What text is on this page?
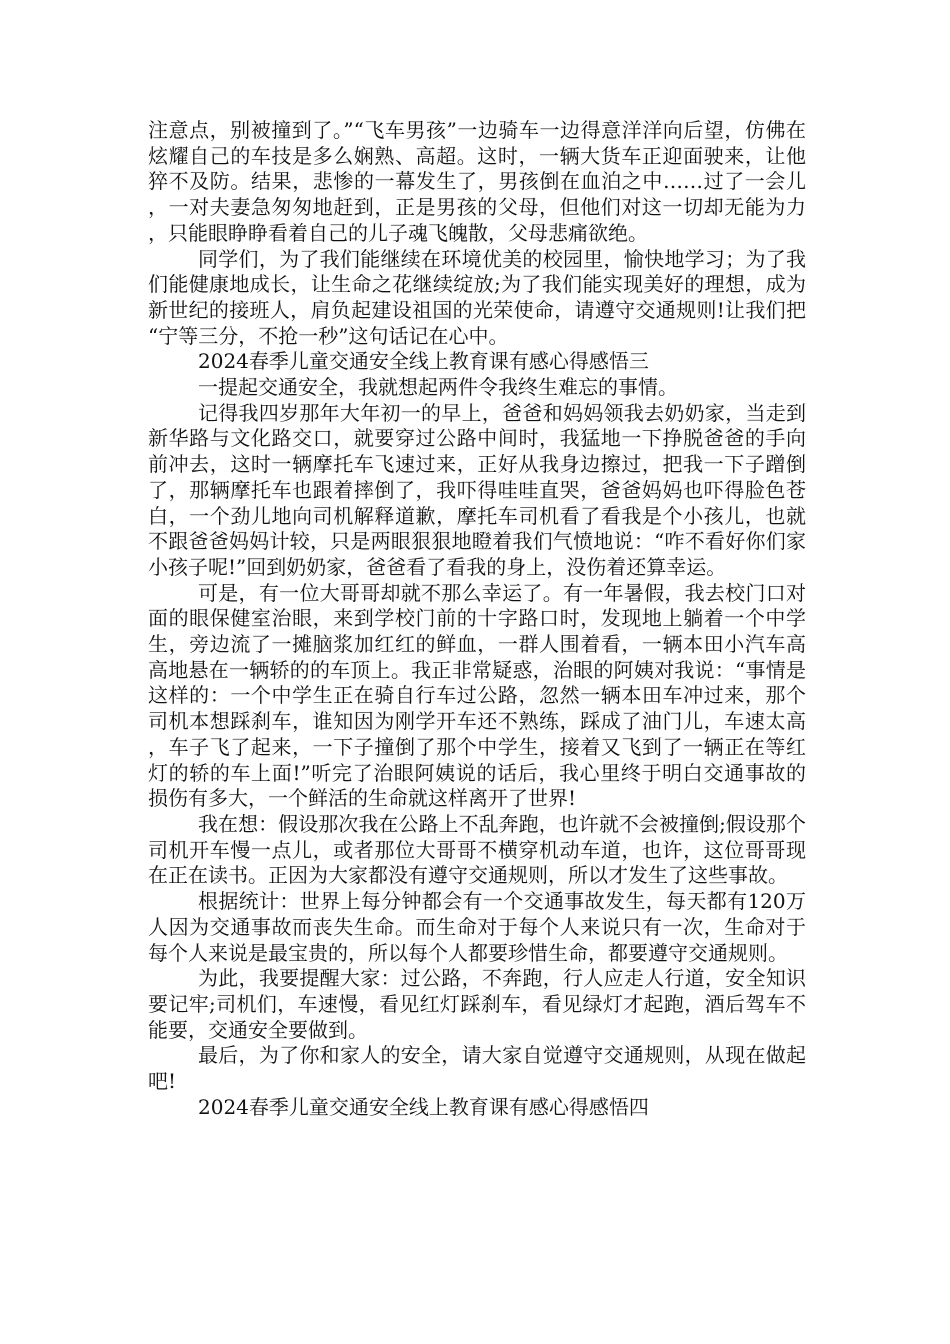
注意点，别被撞到了。”“飞车男孩”一边骑车一边得意洋洋向后望，仿佛在炫耀自己的车技是多么娴熟、高超。这时，一辆大货车正迎面驶来，让他猝不及防。结果，悲惨的一幕发生了，男孩倒在血泊之中……过了一会儿，一对夫妻急匆匆地赶到，正是男孩的父母，但他们对这一切却无能为力，只能眼睁睁看着自己的儿子魂飞魄散，父母悲痛欲绝。

同学们，为了我们能继续在环境优美的校园里，愉快地学习；为了我们能健康地成长，让生命之花继续绽放;为了我们能实现美好的理想，成为新世纪的接班人，肩负起建设祖国的光荣使命，请遵守交通规则!让我们把“宁等三分，不抢一秒”这句话记在心中。

2024春季儿童交通安全线上教育课有感心得感悟三

一提起交通安全，我就想起两件令我终生难忘的事情。

记得我四岁那年大年初一的早上，爸爸和妈妈领我去奶奶家，当走到新华路与文化路交口，就要穿过公路中间时，我猛地一下挣脱爸爸的手向前冲去，这时一辆摩托车飞速过来，正好从我身边擦过，把我一下子蹭倒了，那辆摩托车也跟着摔倒了，我吓得哇哇直哭，爸爸妈妈也吓得脸色苍白，一个劲儿地向司机解释道歉，摩托车司机看了看我是个小孩儿，也就不跟爸爸妈妈计较，只是两眼狠狠地瞪着我们气愤地说：“咋不看好你们家小孩子呢!”回到奶奶家，爸爸看了看我的身上，没伤着还算幸运。

可是，有一位大哥哥却就不那么幸运了。有一年暑假，我去校门口对面的眼保健室治眼，来到学校门前的十字路口时，发现地上躺着一个中学生，旁边流了一摊脑浆加红红的鲜血，一群人围着看，一辆本田小汽车高高地悬在一辆轿的的车顶上。我正非常疑惑，治眼的阿姨对我说：“事情是这样的：一个中学生正在骑自行车过公路，忽然一辆本田车冲过来，那个司机本想踩刹车，谁知因为刚学开车还不熟练，踩成了油门儿，车速太高，车子飞了起来，一下子撞倒了那个中学生，接着又飞到了一辆正在等红灯的轿的车上面!”听完了治眼阿姨说的话后，我心里终于明白交通事故的损伤有多大，一个鲜活的生命就这样离开了世界!

我在想：假设那次我在公路上不乱奔跑，也许就不会被撞倒;假设那个司机开车慢一点儿，或者那位大哥哥不横穿机动车道，也许，这位哥哥现在正在读书。正因为大家都没有遵守交通规则，所以才发生了这些事故。

根据统计：世界上每分钟都会有一个交通事故发生，每天都有120万人因为交通事故而丧失生命。而生命对于每个人来说只有一次，生命对于每个人来说是最宝贵的，所以每个人都要珍惜生命，都要遵守交通规则。

为此，我要提醒大家：过公路，不奔跑，行人应走人行道，安全知识要记牢;司机们，车速慢，看见红灯踩刹车，看见绿灯才起跑，酒后驾车不能要，交通安全要做到。

最后，为了你和家人的安全，请大家自觉遵守交通规则，从现在做起吧!

2024春季儿童交通安全线上教育课有感心得感悟四
